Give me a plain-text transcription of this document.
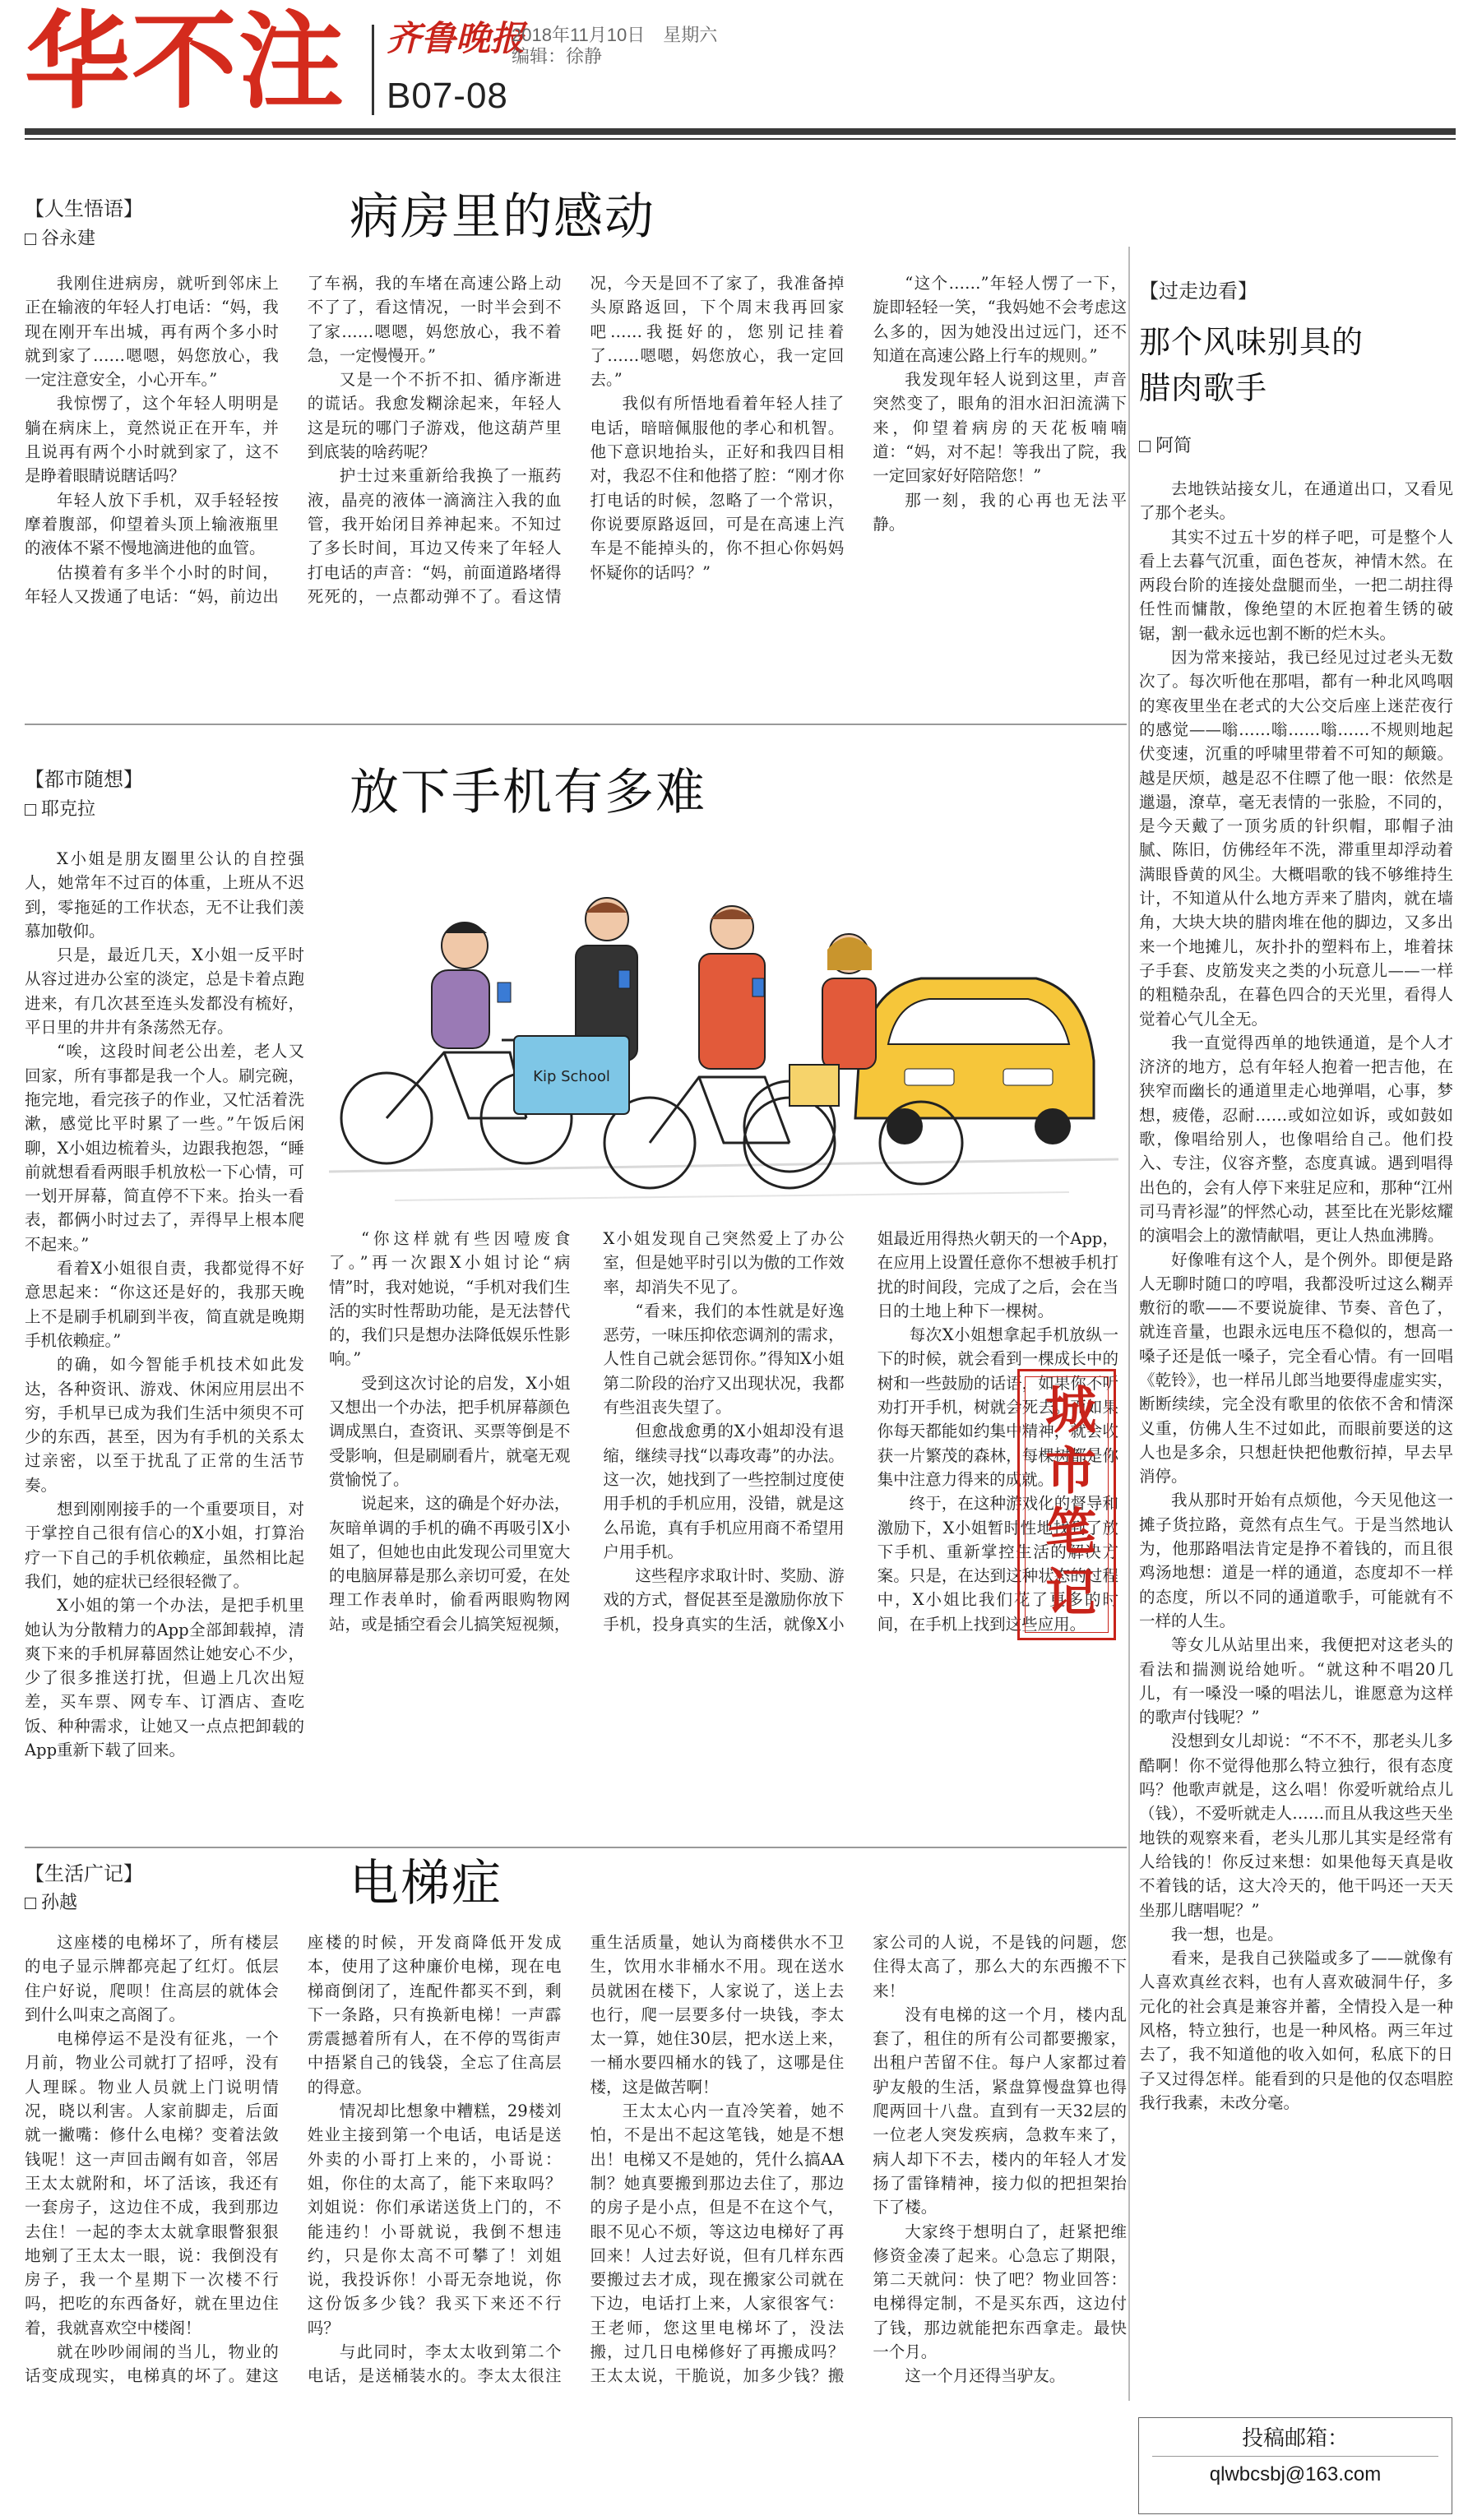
华不注 齐鲁晚报
2018年11月10日　星期六
编辑：徐静
B07-08
【人生悟语】
谷永建	病房里的感动

我刚住进病房，就听到邻床上正在输液的年轻人打电话：“妈，我现在刚开车出城，再有两个多小时就到家了……嗯嗯，妈您放心，我一定注意安全，小心开车。”

我惊愣了，这个年轻人明明是躺在病床上，竟然说正在开车，并且说再有两个小时就到家了，这不是睁着眼睛说瞎话吗？

年轻人放下手机，双手轻轻按摩着腹部，仰望着头顶上输液瓶里的液体不紧不慢地滴进他的血管。

估摸着有多半个小时的时间，年轻人又拨通了电话：“妈，前边出了车祸，我的车堵在高速公路上动不了了，看这情况，一时半会到不了家……嗯嗯，妈您放心，我不着急，一定慢慢开。”

又是一个不折不扣、循序渐进的谎话。我愈发糊涂起来，年轻人这是玩的哪门子游戏，他这葫芦里到底装的啥药呢？

护士过来重新给我换了一瓶药液，晶亮的液体一滴滴注入我的血管，我开始闭目养神起来。不知过了多长时间，耳边又传来了年轻人打电话的声音：“妈，前面道路堵得死死的，一点都动弹不了。看这情况，今天是回不了家了，我准备掉头原路返回，下个周末我再回家吧……我挺好的，您别记挂着了……嗯嗯，妈您放心，我一定回去。”

我似有所悟地看着年轻人挂了电话，暗暗佩服他的孝心和机智。他下意识地抬头，正好和我四目相对，我忍不住和他搭了腔：“刚才你打电话的时候，忽略了一个常识，你说要原路返回，可是在高速上汽车是不能掉头的，你不担心你妈妈怀疑你的话吗？”

“这个……”年轻人愣了一下，旋即轻轻一笑，“我妈她不会考虑这么多的，因为她没出过远门，还不知道在高速公路上行车的规则。”

我发现年轻人说到这里，声音突然变了，眼角的泪水汩汩流满下来，仰望着病房的天花板喃喃道：“妈，对不起！等我出了院，我一定回家好好陪陪您！”

那一刻，我的心再也无法平静。

【都市随想】
耶克拉	放下手机有多难
Kip School

X小姐是朋友圈里公认的自控强人，她常年不过百的体重，上班从不迟到，零拖延的工作状态，无不让我们羡慕加敬仰。

只是，最近几天，X小姐一反平时从容过进办公室的淡定，总是卡着点跑进来，有几次甚至连头发都没有梳好，平日里的井井有条荡然无存。

“唉，这段时间老公出差，老人又回家，所有事都是我一个人。刷完碗，拖完地，看完孩子的作业，又忙活着洗漱，感觉比平时累了一些。”午饭后闲聊，X小姐边梳着头，边跟我抱怨，“睡前就想看看两眼手机放松一下心情，可一划开屏幕，简直停不下来。抬头一看表，都俩小时过去了，弄得早上根本爬不起来。”

看着X小姐很自责，我都觉得不好意思起来：“你这还是好的，我那天晚上不是刷手机刷到半夜，简直就是晚期手机依赖症。”

的确，如今智能手机技术如此发达，各种资讯、游戏、休闲应用层出不穷，手机早已成为我们生活中须臾不可少的东西，甚至，因为有手机的关系太过亲密，以至于扰乱了正常的生活节奏。

想到刚刚接手的一个重要项目，对于掌控自己很有信心的X小姐，打算治疗一下自己的手机依赖症，虽然相比起我们，她的症状已经很轻微了。

X小姐的第一个办法，是把手机里她认为分散精力的App全部卸载掉，清爽下来的手机屏幕固然让她安心不少，少了很多推送打扰，但過上几次出短差，买车票、网专车、订酒店、查吃饭、种种需求，让她又一点点把卸载的App重新下载了回来。

“你这样就有些因噎废食了。”再一次跟X小姐讨论“病情”时，我对她说，“手机对我们生活的实时性帮助功能，是无法替代的，我们只是想办法降低娱乐性影响。”

受到这次讨论的启发，X小姐又想出一个办法，把手机屏幕颜色调成黑白，查资讯、买票等倒是不受影响，但是刷刷看片，就毫无观赏愉悦了。

说起来，这的确是个好办法，灰暗单调的手机的确不再吸引X小姐了，但她也由此发现公司里宽大的电脑屏幕是那么亲切可爱，在处理工作表单时，偷看两眼购物网站，或是插空看会儿搞笑短视频，X小姐发现自己突然爱上了办公室，但是她平时引以为傲的工作效率，却消失不见了。

“看来，我们的本性就是好逸恶劳，一味压抑依恋调剂的需求，人性自己就会惩罚你。”得知X小姐第二阶段的治疗又出现状况，我都有些沮丧失望了。

但愈战愈勇的X小姐却没有退缩，继续寻找“以毒攻毒”的办法。这一次，她找到了一些控制过度使用手机的手机应用，没错，就是这么吊诡，真有手机应用商不希望用户用手机。

这些程序求取计时、奖励、游戏的方式，督促甚至是激励你放下手机，投身真实的生活，就像X小姐最近用得热火朝天的一个App，在应用上设置任意你不想被手机打扰的时间段，完成了之后，会在当日的土地上种下一棵树。

每次X小姐想拿起手机放纵一下的时候，就会看到一棵成长中的树和一些鼓励的话语，如果你不听劝打开手机，树就会死去。而如果你每天都能如约集中精神，就会收获一片繁茂的森林，每棵树都是你集中注意力得来的成就。

终于，在这种游戏化的督导和激励下，X小姐暂时性地找到了放下手机、重新掌控生活的解决方案。只是，在达到这种状态的过程中，X小姐比我们花了更多的时间，在手机上找到这些应用。

【生活广记】
孙越	电梯症

这座楼的电梯坏了，所有楼层的电子显示牌都亮起了红灯。低层住户好说，爬呗！住高层的就体会到什么叫束之高阁了。

电梯停运不是没有征兆，一个月前，物业公司就打了招呼，没有人理睬。物业人员就上门说明情况，晓以利害。人家前脚走，后面就一撇嘴：修什么电梯？变着法敛钱呢！这一声回击阚有如音，邻居王太太就附和，坏了活该，我还有一套房子，这边住不成，我到那边去住！一起的李太太就拿眼瞥狠狠地剜了王太太一眼，说：我倒没有房子，我一个星期下一次楼不行吗，把吃的东西备好，就在里边住着，我就喜欢空中楼阁！

就在吵吵闹闹的当儿，物业的话变成现实，电梯真的坏了。建这座楼的时候，开发商降低开发成本，使用了这种廉价电梯，现在电梯商倒闭了，连配件都买不到，剩下一条路，只有换新电梯！一声霹雳震撼着所有人，在不停的骂街声中捂紧自己的钱袋，全忘了住高层的得意。

情况却比想象中糟糕，29楼刘姓业主接到第一个电话，电话是送外卖的小哥打上来的，小哥说：姐，你住的太高了，能下来取吗？刘姐说：你们承诺送货上门的，不能违约！小哥就说，我倒不想违约，只是你太高不可攀了！刘姐说，我投诉你！小哥无奈地说，你这份饭多少钱？我买下来还不行吗？

与此同时，李太太收到第二个电话，是送桶装水的。李太太很注重生活质量，她认为商楼供水不卫生，饮用水非桶水不用。现在送水员就困在楼下，人家说了，送上去也行，爬一层要多付一块钱，李太太一算，她住30层，把水送上来，一桶水要四桶水的钱了，这哪是住楼，这是做苦啊！

王太太心内一直冷笑着，她不怕，不是出不起这笔钱，她是不想出！电梯又不是她的，凭什么搞AA制？她真要搬到那边去住了，那边的房子是小点，但是不在这个气，眼不见心不烦，等这边电梯好了再回来！人过去好说，但有几样东西要搬过去才成，现在搬家公司就在下边，电话打上来，人家很客气：王老师，您这里电梯坏了，没法搬，过几日电梯修好了再搬成吗？王太太说，干脆说，加多少钱？搬家公司的人说，不是钱的问题，您住得太高了，那么大的东西搬不下来！

没有电梯的这一个月，楼内乱套了，租住的所有公司都要搬家，出租户苦留不住。每户人家都过着驴友般的生活，紧盘算慢盘算也得爬两回十八盘。直到有一天32层的一位老人突发疾病，急救车来了，病人却下不去，楼内的年轻人才发扬了雷锋精神，接力似的把担架抬下了楼。

大家终于想明白了，赶紧把维修资金凑了起来。心急忘了期限，第二天就问：快了吧？物业回答：电梯得定制，不是买东西，这边付了钱，那边就能把东西拿走。最快一个月。

这一个月还得当驴友。

【过走边看】
那个风味别具的
腊肉歌手
阿简

去地铁站接女儿，在通道出口，又看见了那个老头。

其实不过五十岁的样子吧，可是整个人看上去暮气沉重，面色苍灰，神情木然。在两段台阶的连接处盘腿而坐，一把二胡拄得任性而慵散，像绝望的木匠抱着生锈的破锯，割一截永远也割不断的烂木头。

因为常来接站，我已经见过过老头无数次了。每次听他在那唱，都有一种北风鸣咽的寒夜里坐在老式的大公交后座上迷茫夜行的感觉——嗡……嗡……嗡……不规则地起伏变速，沉重的呼啸里带着不可知的颠簸。越是厌烦，越是忍不住瞟了他一眼：依然是邋遢，潦草，毫无表情的一张脸，不同的，是今天戴了一顶劣质的针织帽，耶帽子油腻、陈旧，仿佛经年不洗，滞重里却浮动着满眼昏黄的风尘。大概唱歌的钱不够维持生计，不知道从什么地方弄来了腊肉，就在墙角，大块大块的腊肉堆在他的脚边，又多出来一个地摊儿，灰扑扑的塑料布上，堆着抹子手套、皮筋发夹之类的小玩意儿——一样的粗糙杂乱，在暮色四合的天光里，看得人觉着心气儿全无。

我一直觉得西单的地铁通道，是个人才济济的地方，总有年轻人抱着一把吉他，在狭窄而幽长的通道里走心地弹唱，心事，梦想，疲倦，忍耐……或如泣如诉，或如鼓如歌，像唱给别人，也像唱给自己。他们投入、专注，仪容齐整，态度真诚。遇到唱得出色的，会有人停下来驻足应和，那种“江州司马青衫湿”的怦然心动，甚至比在光影炫耀的演唱会上的激情献唱，更让人热血沸腾。

好像唯有这个人，是个例外。即便是路人无聊时随口的哼唱，我都没听过这么糊弄敷衍的歌——不要说旋律、节奏、音色了，就连音量，也跟永远电压不稳似的，想高一嗓子还是低一嗓子，完全看心情。有一回唱《乾铃》，也一样吊儿郎当地要得虚虚实实，断断续续，完全没有歌里的依依不舍和情深义重，仿佛人生不过如此，而眼前要送的这人也是多余，只想赶快把他敷衍掉，早去早消停。

我从那时开始有点烦他，今天见他这一摊子货拉路，竟然有点生气。于是当然地认为，他那路唱法肯定是挣不着钱的，而且很鸡汤地想：道是一样的通道，态度却不一样的态度，所以不同的通道歌手，可能就有不一样的人生。

等女儿从站里出来，我便把对这老头的看法和揣测说给她听。“就这种不唱20几儿，有一嗓没一嗓的唱法儿，谁愿意为这样的歌声付钱呢？”

没想到女儿却说：“不不不，那老头儿多酷啊！你不觉得他那么特立独行，很有态度吗？他歌声就是，这么唱！你爱听就给点儿（钱），不爱听就走人……而且从我这些天坐地铁的观察来看，老头儿那儿其实是经常有人给钱的！你反过来想：如果他每天真是收不着钱的话，这大冷天的，他干吗还一天天坐那儿瞎唱呢？”

我一想，也是。

看来，是我自己狭隘或多了——就像有人喜欢真丝衣料，也有人喜欢破洞牛仔，多元化的社会真是兼容并蓄，全情投入是一种风格，特立独行，也是一种风格。两三年过去了，我不知道他的收入如何，私底下的日子又过得怎样。能看到的只是他的仅态唱腔我行我素，未改分毫。

城市笔记
投稿邮箱：
qlwbcsbj@163.com
